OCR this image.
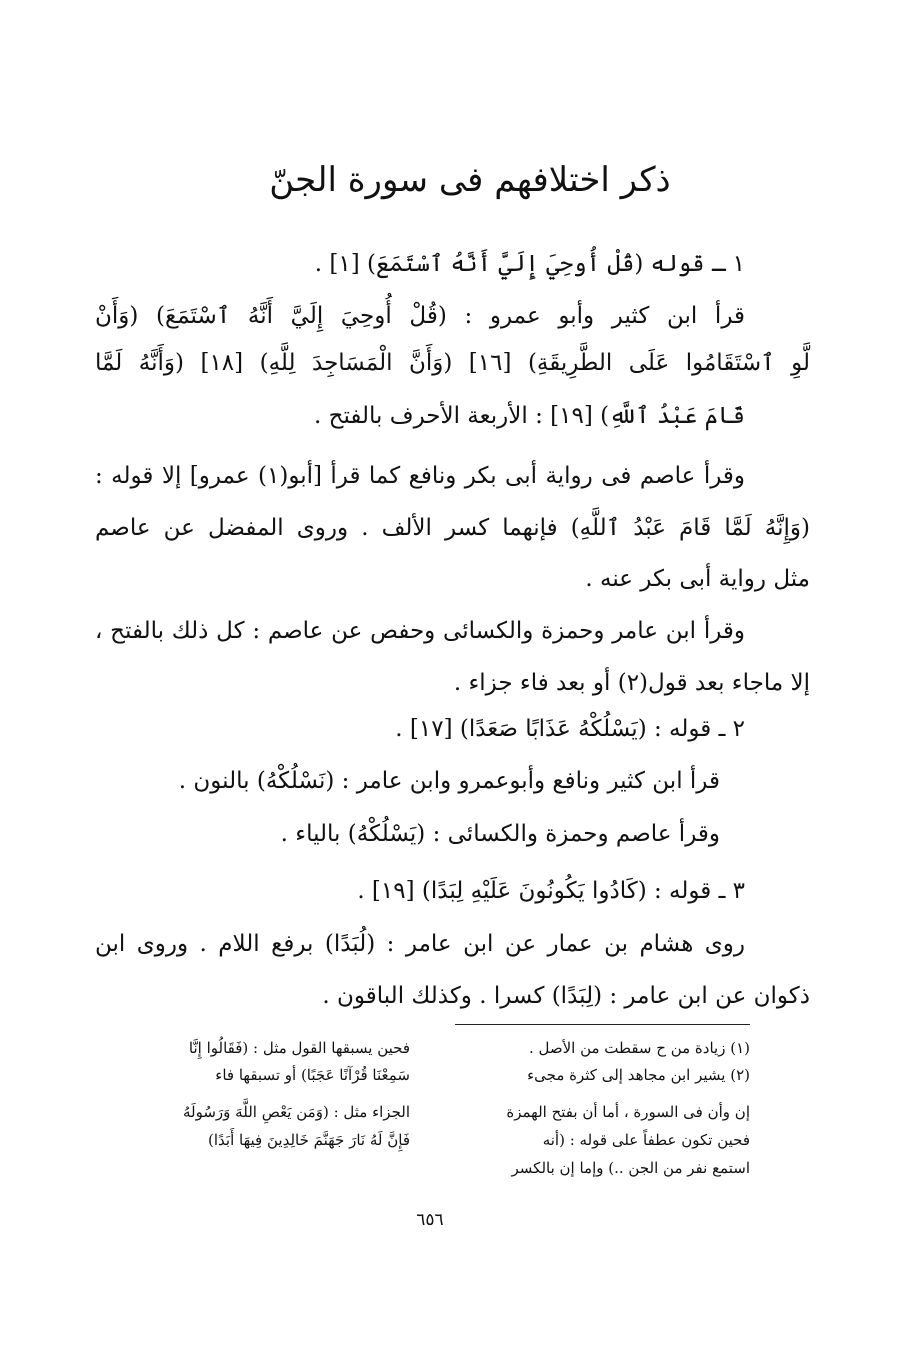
ذكر اختلافهم فى سورة الجنّ
١ ـ قوله (قُلْ أُوحِيَ إِلَيَّ أَنَّهُ ٱسْتَمَعَ) [١] .
قرأ ابن كثير وأبو عمرو : (قُلْ أُوحِيَ إِلَيَّ أَنَّهُ ٱسْتَمَعَ) (وَأَنْ
لَّوِ ٱسْتَقَامُوا عَلَى الطَّرِيقَةِ) [١٦] (وَأَنَّ الْمَسَاجِدَ لِلَّهِ) [١٨] (وَأَنَّهُ لَمَّا
قَامَ عَبْدُ ٱللَّهِ) [١٩] : الأربعة الأحرف بالفتح .
وقرأ عاصم فى رواية أبى بكر ونافع كما قرأ [أبو(١) عمرو] إلا قوله :
(وَإِنَّهُ لَمَّا قَامَ عَبْدُ ٱللَّهِ) فإنهما كسر الألف . وروى المفضل عن عاصم
مثل رواية أبى بكر عنه .
وقرأ ابن عامر وحمزة والكسائى وحفص عن عاصم : كل ذلك بالفتح ،
إلا ماجاء بعد قول(٢) أو بعد فاء جزاء .
٢ ـ قوله : (يَسْلُكْهُ عَذَابًا صَعَدًا) [١٧] .
قرأ ابن كثير ونافع وأبوعمرو وابن عامر : (نَسْلُكْهُ) بالنون .
وقرأ عاصم وحمزة والكسائى : (يَسْلُكْهُ) بالياء .
٣ ـ قوله : (كَادُوا يَكُونُونَ عَلَيْهِ لِبَدًا) [١٩] .
روى هشام بن عمار عن ابن عامر : (لُبَدًا) برفع اللام . وروى ابن
ذكوان عن ابن عامر : (لِبَدًا) كسرا . وكذلك الباقون .
(١) زيادة من ح سقطت من الأصل .
(٢) يشير ابن مجاهد إلى كثرة مجىء
إن وأن فى السورة ، أما أن بفتح الهمزة
فحين تكون عطفاً على قوله : (أنه
استمع نفر من الجن ..) وإما إن بالكسر
فحين يسبقها القول مثل : (فَقَالُوا إِنَّا
سَمِعْنَا قُرْآنًا عَجَبًا) أو تسبقها فاء
الجزاء مثل : (وَمَن يَعْصِ اللَّهَ وَرَسُولَهُ
فَإِنَّ لَهُ نَارَ جَهَنَّمَ خَالِدِينَ فِيهَا أَبَدًا)
٦٥٦
